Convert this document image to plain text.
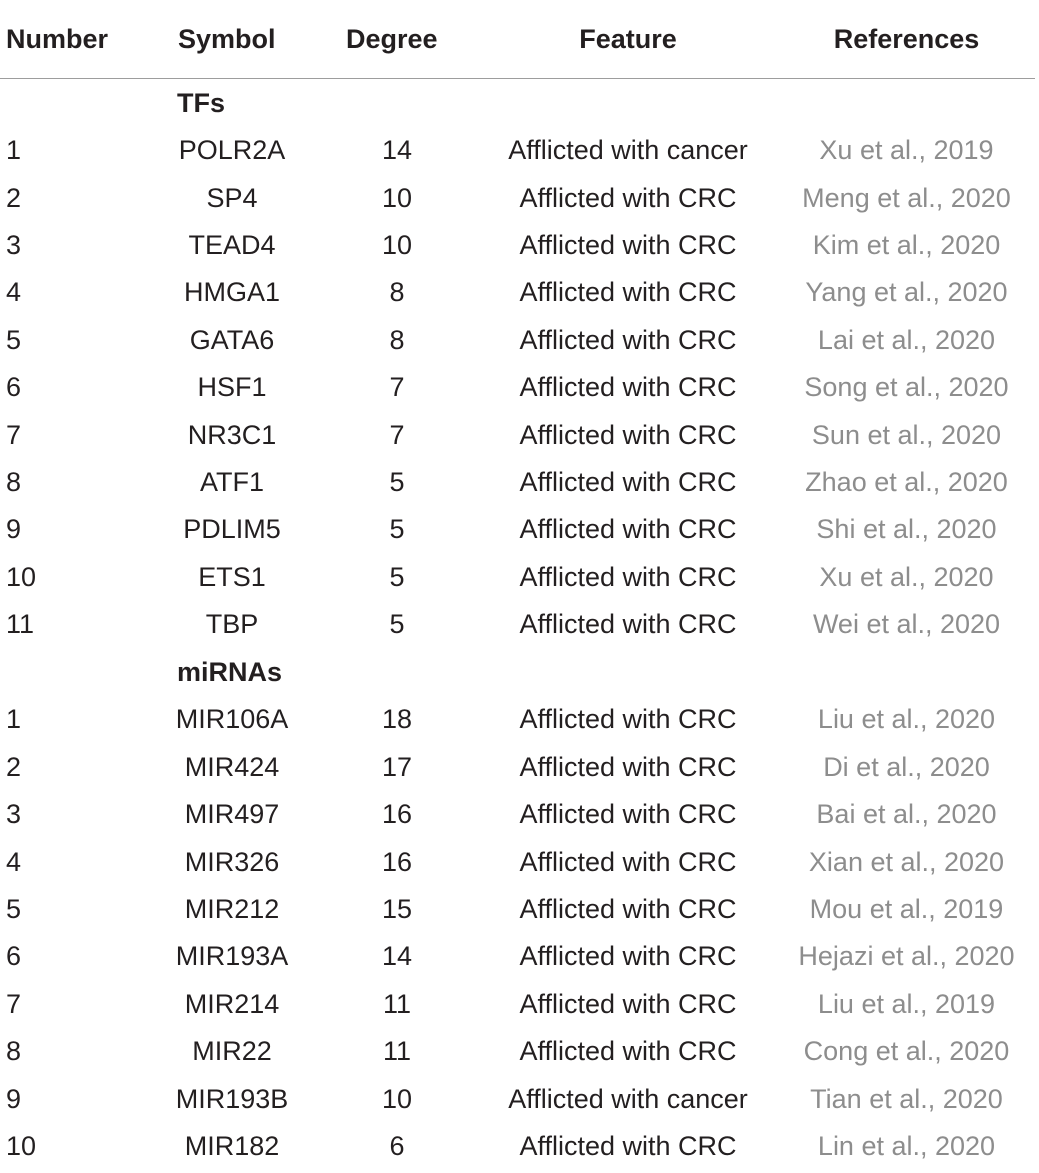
Number	Symbol	Degree	Feature	References
TFs				
1	POLR2A	14	Afflicted with cancer	Xu et al., 2019
2	SP4	10	Afflicted with CRC	Meng et al., 2020
3	TEAD4	10	Afflicted with CRC	Kim et al., 2020
4	HMGA1	8	Afflicted with CRC	Yang et al., 2020
5	GATA6	8	Afflicted with CRC	Lai et al., 2020
6	HSF1	7	Afflicted with CRC	Song et al., 2020
7	NR3C1	7	Afflicted with CRC	Sun et al., 2020
8	ATF1	5	Afflicted with CRC	Zhao et al., 2020
9	PDLIM5	5	Afflicted with CRC	Shi et al., 2020
10	ETS1	5	Afflicted with CRC	Xu et al., 2020
11	TBP	5	Afflicted with CRC	Wei et al., 2020
miRNAs				
1	MIR106A	18	Afflicted with CRC	Liu et al., 2020
2	MIR424	17	Afflicted with CRC	Di et al., 2020
3	MIR497	16	Afflicted with CRC	Bai et al., 2020
4	MIR326	16	Afflicted with CRC	Xian et al., 2020
5	MIR212	15	Afflicted with CRC	Mou et al., 2019
6	MIR193A	14	Afflicted with CRC	Hejazi et al., 2020
7	MIR214	11	Afflicted with CRC	Liu et al., 2019
8	MIR22	11	Afflicted with CRC	Cong et al., 2020
9	MIR193B	10	Afflicted with cancer	Tian et al., 2020
10	MIR182	6	Afflicted with CRC	Lin et al., 2020
